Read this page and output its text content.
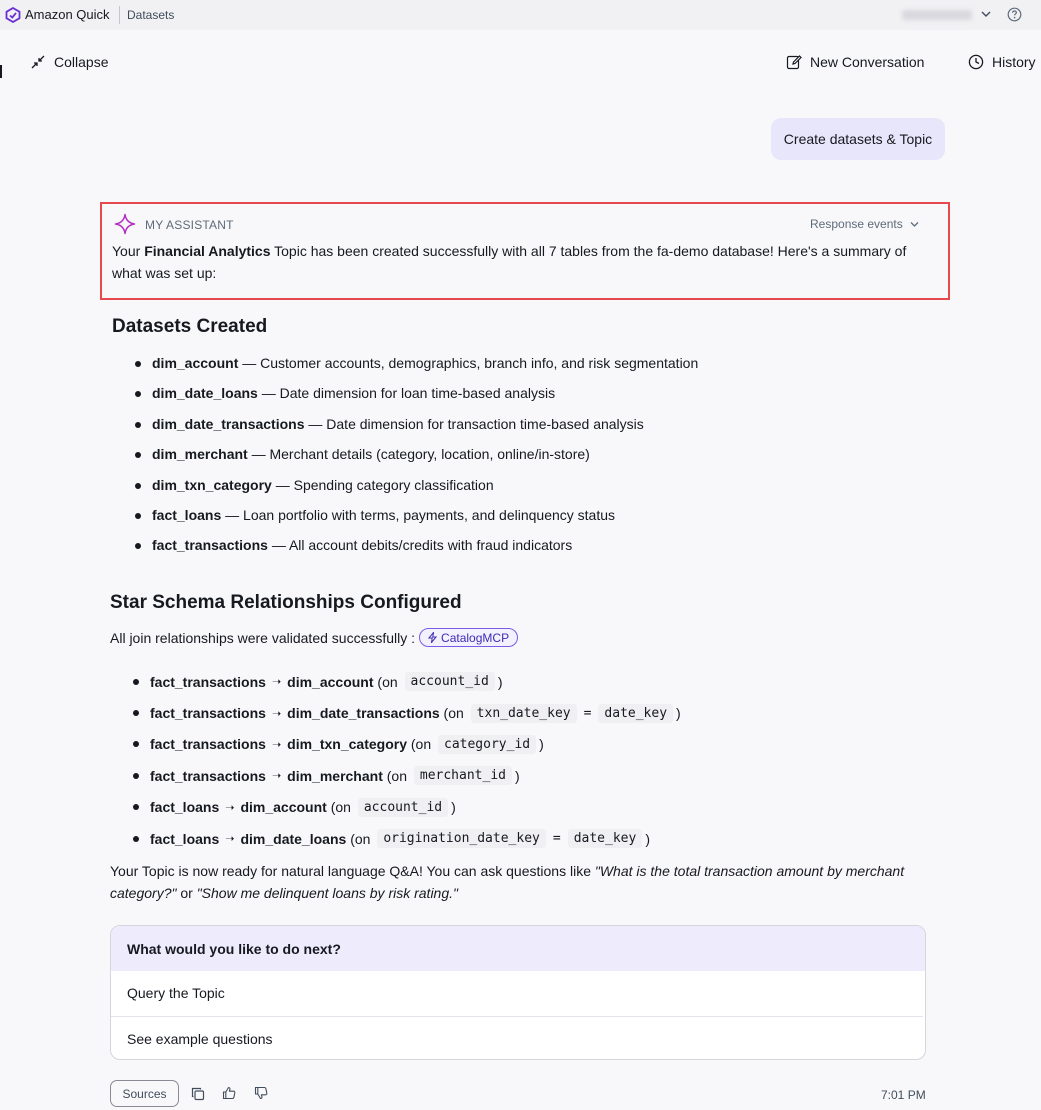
Amazon Quick Datasets
Collapse	New Conversation	History
Create datasets & Topic
MY ASSISTANT	Response events

Your Financial Analytics Topic has been created successfully with all 7 tables from the fa-demo database! Here's a summary of what was set up:

Datasets Created
dim_account — Customer accounts, demographics, branch info, and risk segmentation
dim_date_loans — Date dimension for loan time-based analysis
dim_date_transactions — Date dimension for transaction time-based analysis
dim_merchant — Merchant details (category, location, online/in-store)
dim_txn_category — Spending category classification
fact_loans — Loan portfolio with terms, payments, and delinquency status
fact_transactions — All account debits/credits with fraud indicators
Star Schema Relationships Configured
All join relationships were validated successfully : CatalogMCP
fact_transactions ➝ dim_account
(on
account_id )
fact_transactions ➝ dim_date_transactions
(on
txn_date_key	=	date_key )
fact_transactions ➝ dim_txn_category
(on
category_id )
fact_transactions ➝ dim_merchant
(on
merchant_id )
fact_loans ➝ dim_account
(on
account_id )
fact_loans ➝ dim_date_loans
(on
origination_date_key	=	date_key )

Your Topic is now ready for natural language Q&A! You can ask questions like "What is the total transaction amount by merchant category?" or "Show me delinquent loans by risk rating."

What would you like to do next?
Query the Topic
See example questions
Sources	7:01 PM
